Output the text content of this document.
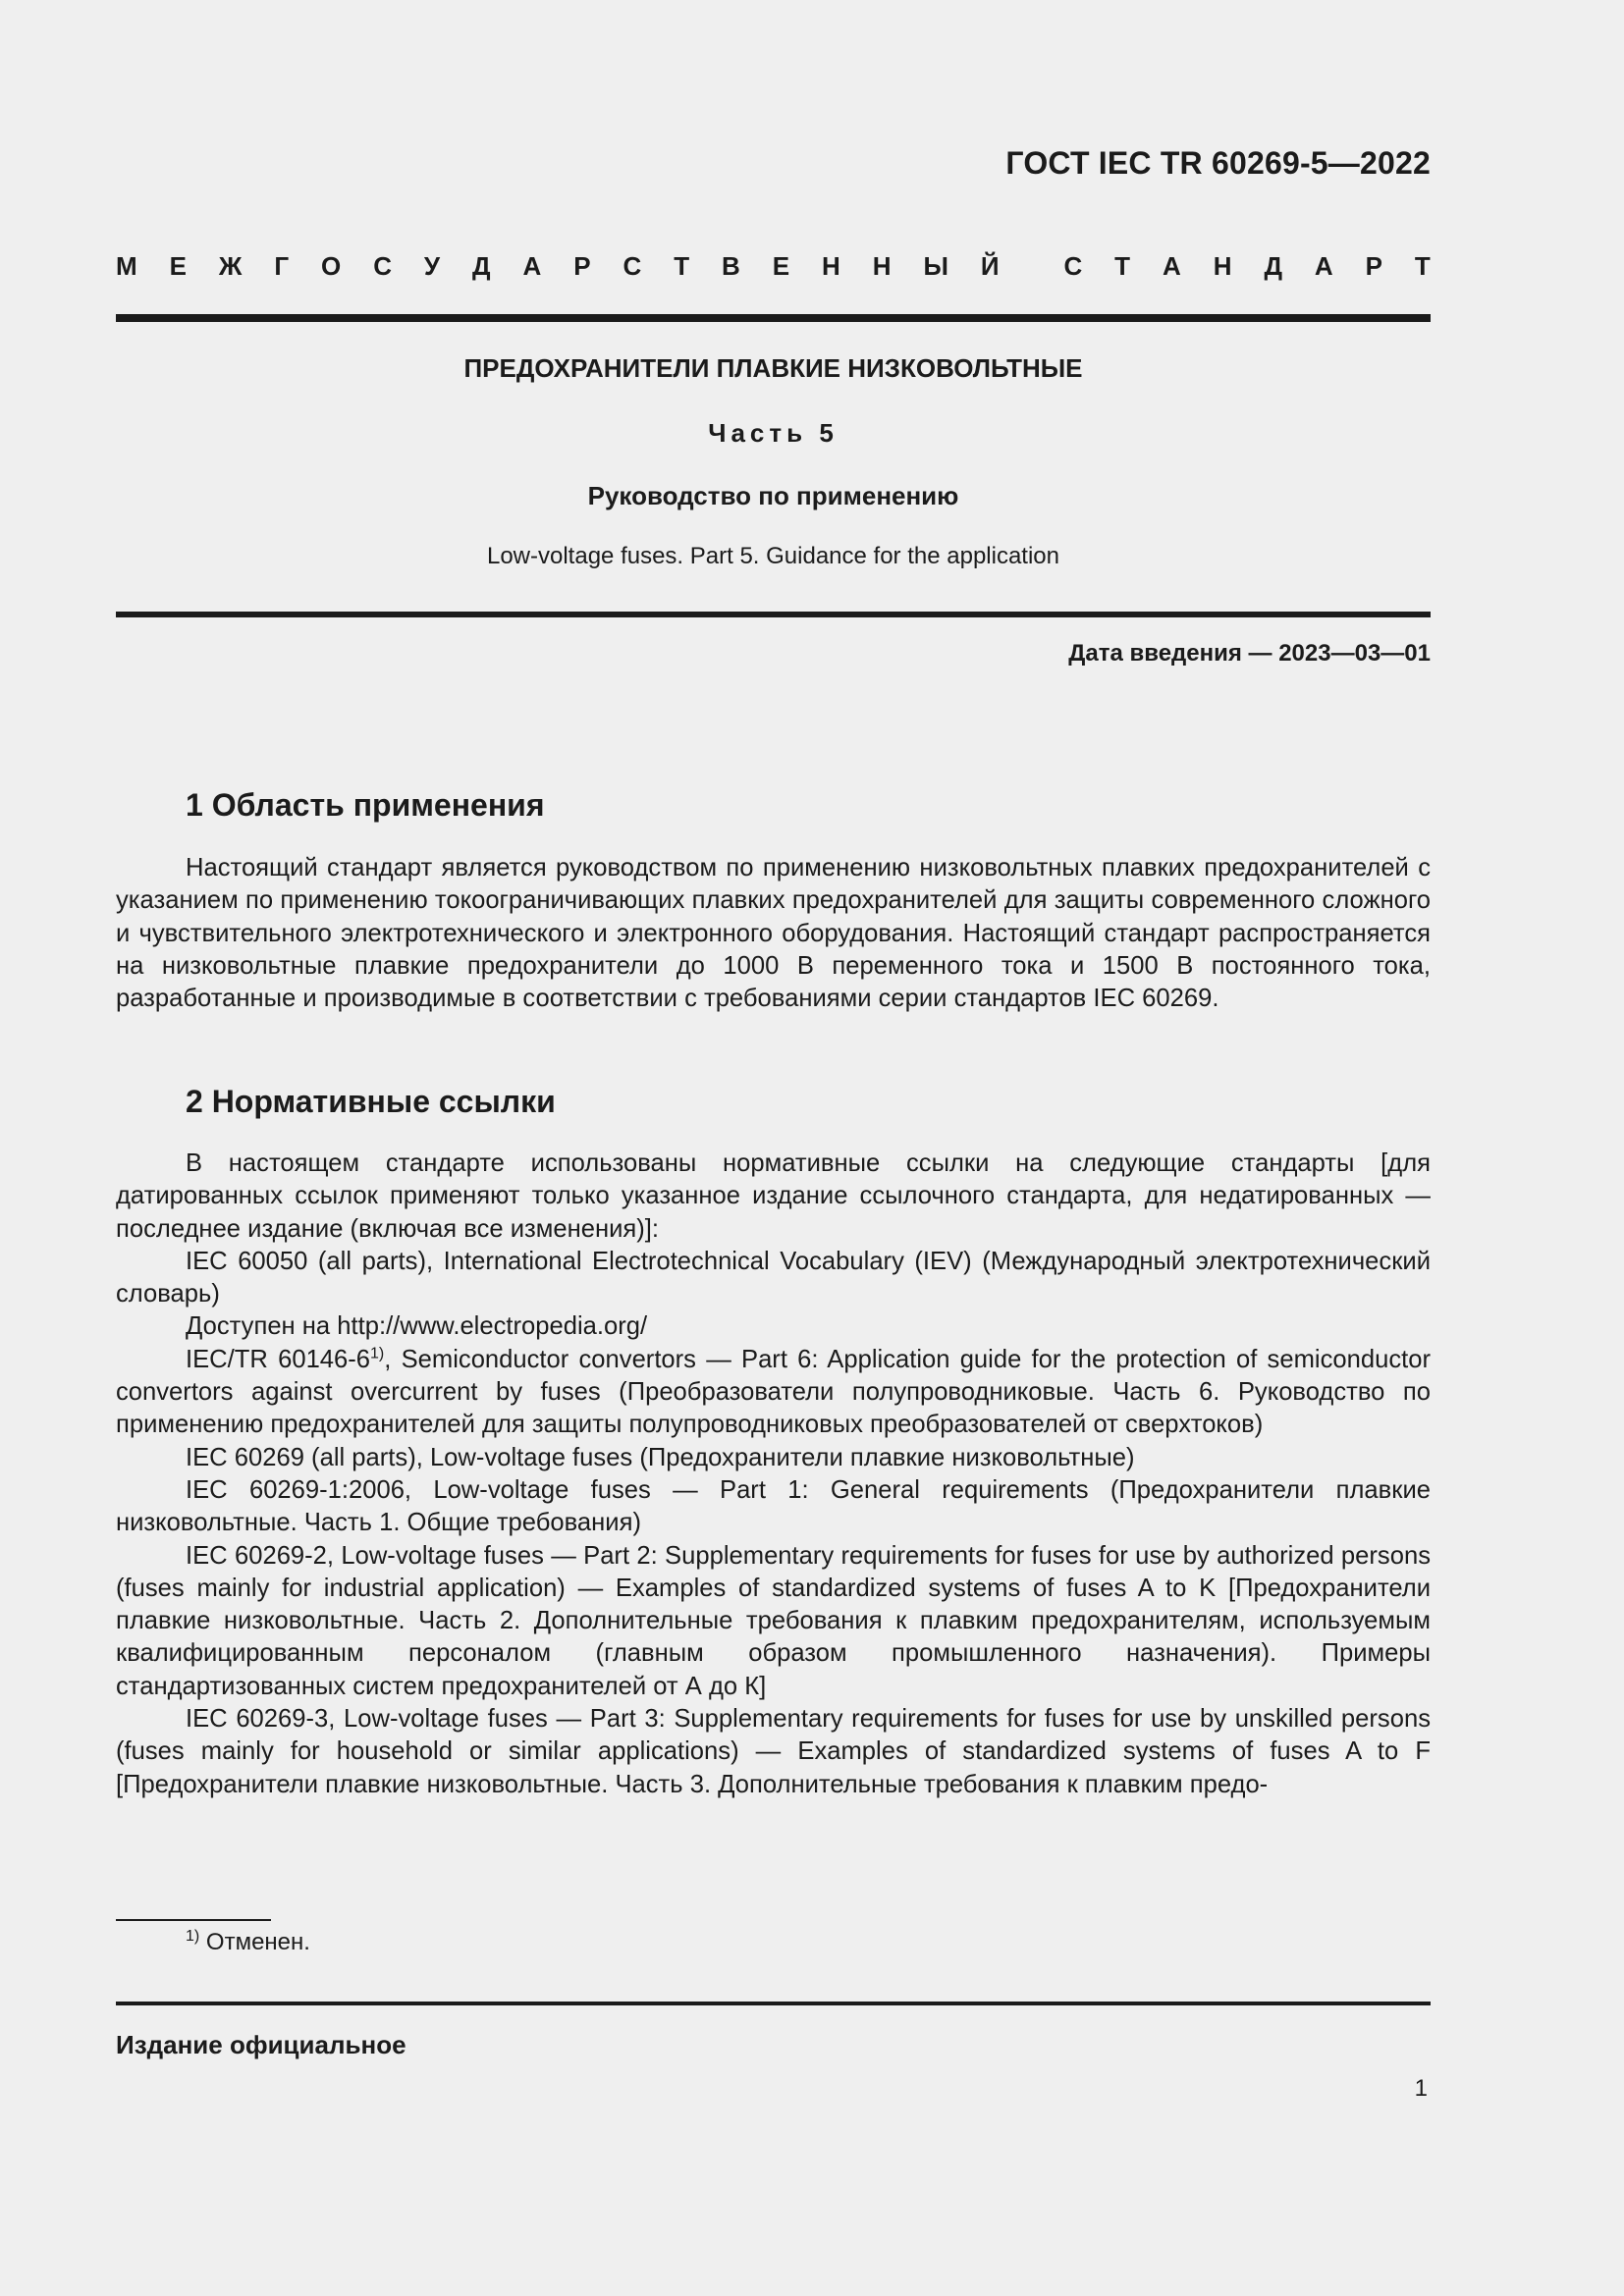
ГОСТ IEC TR 60269-5—2022
М Е Ж Г О С У Д А Р С Т В Е Н Н Ы Й	С Т А Н Д А Р Т
ПРЕДОХРАНИТЕЛИ ПЛАВКИЕ НИЗКОВОЛЬТНЫЕ
Часть 5
Руководство по применению
Low-voltage fuses. Part 5. Guidance for the application
Дата введения — 2023—03—01
1 Область применения

Настоящий стандарт является руководством по применению низковольтных плавких предохранителей с указанием по применению токоограничивающих плавких предохранителей для защиты современного сложного и чувствительного электротехнического и электронного оборудования. Настоящий стандарт распространяется на низковольтные плавкие предохранители до 1000 В переменного тока и 1500 В постоянного тока, разработанные и производимые в соответствии с требованиями серии стандартов IEC 60269.

2 Нормативные ссылки

В настоящем стандарте использованы нормативные ссылки на следующие стандарты [для датированных ссылок применяют только указанное издание ссылочного стандарта, для недатированных — последнее издание (включая все изменения)]:

IEC 60050 (all parts), International Electrotechnical Vocabulary (IEV) (Международный электротехнический словарь)

Доступен на http://www.electropedia.org/

IEC/TR 60146-6$^{1)}$, Semiconductor convertors — Part 6: Application guide for the protection of semiconductor convertors against overcurrent by fuses (Преобразователи полупроводниковые. Часть 6. Руководство по применению предохранителей для защиты полупроводниковых преобразователей от сверхтоков)

IEC 60269 (all parts), Low-voltage fuses (Предохранители плавкие низковольтные)

IEC 60269-1:2006, Low-voltage fuses — Part 1: General requirements (Предохранители плавкие низковольтные. Часть 1. Общие требования)

IEC 60269-2, Low-voltage fuses — Part 2: Supplementary requirements for fuses for use by authorized persons (fuses mainly for industrial application) — Examples of standardized systems of fuses A to K [Предохранители плавкие низковольтные. Часть 2. Дополнительные требования к плавким предохранителям, используемым квалифицированным персоналом (главным образом промышленного назначения). Примеры стандартизованных систем предохранителей от А до К]

IEC 60269-3, Low-voltage fuses — Part 3: Supplementary requirements for fuses for use by unskilled persons (fuses mainly for household or similar applications) — Examples of standardized systems of fuses A to F [Предохранители плавкие низковольтные. Часть 3. Дополнительные требования к плавким предо-

$^{1)}$ Отменен.
Издание официальное
1
